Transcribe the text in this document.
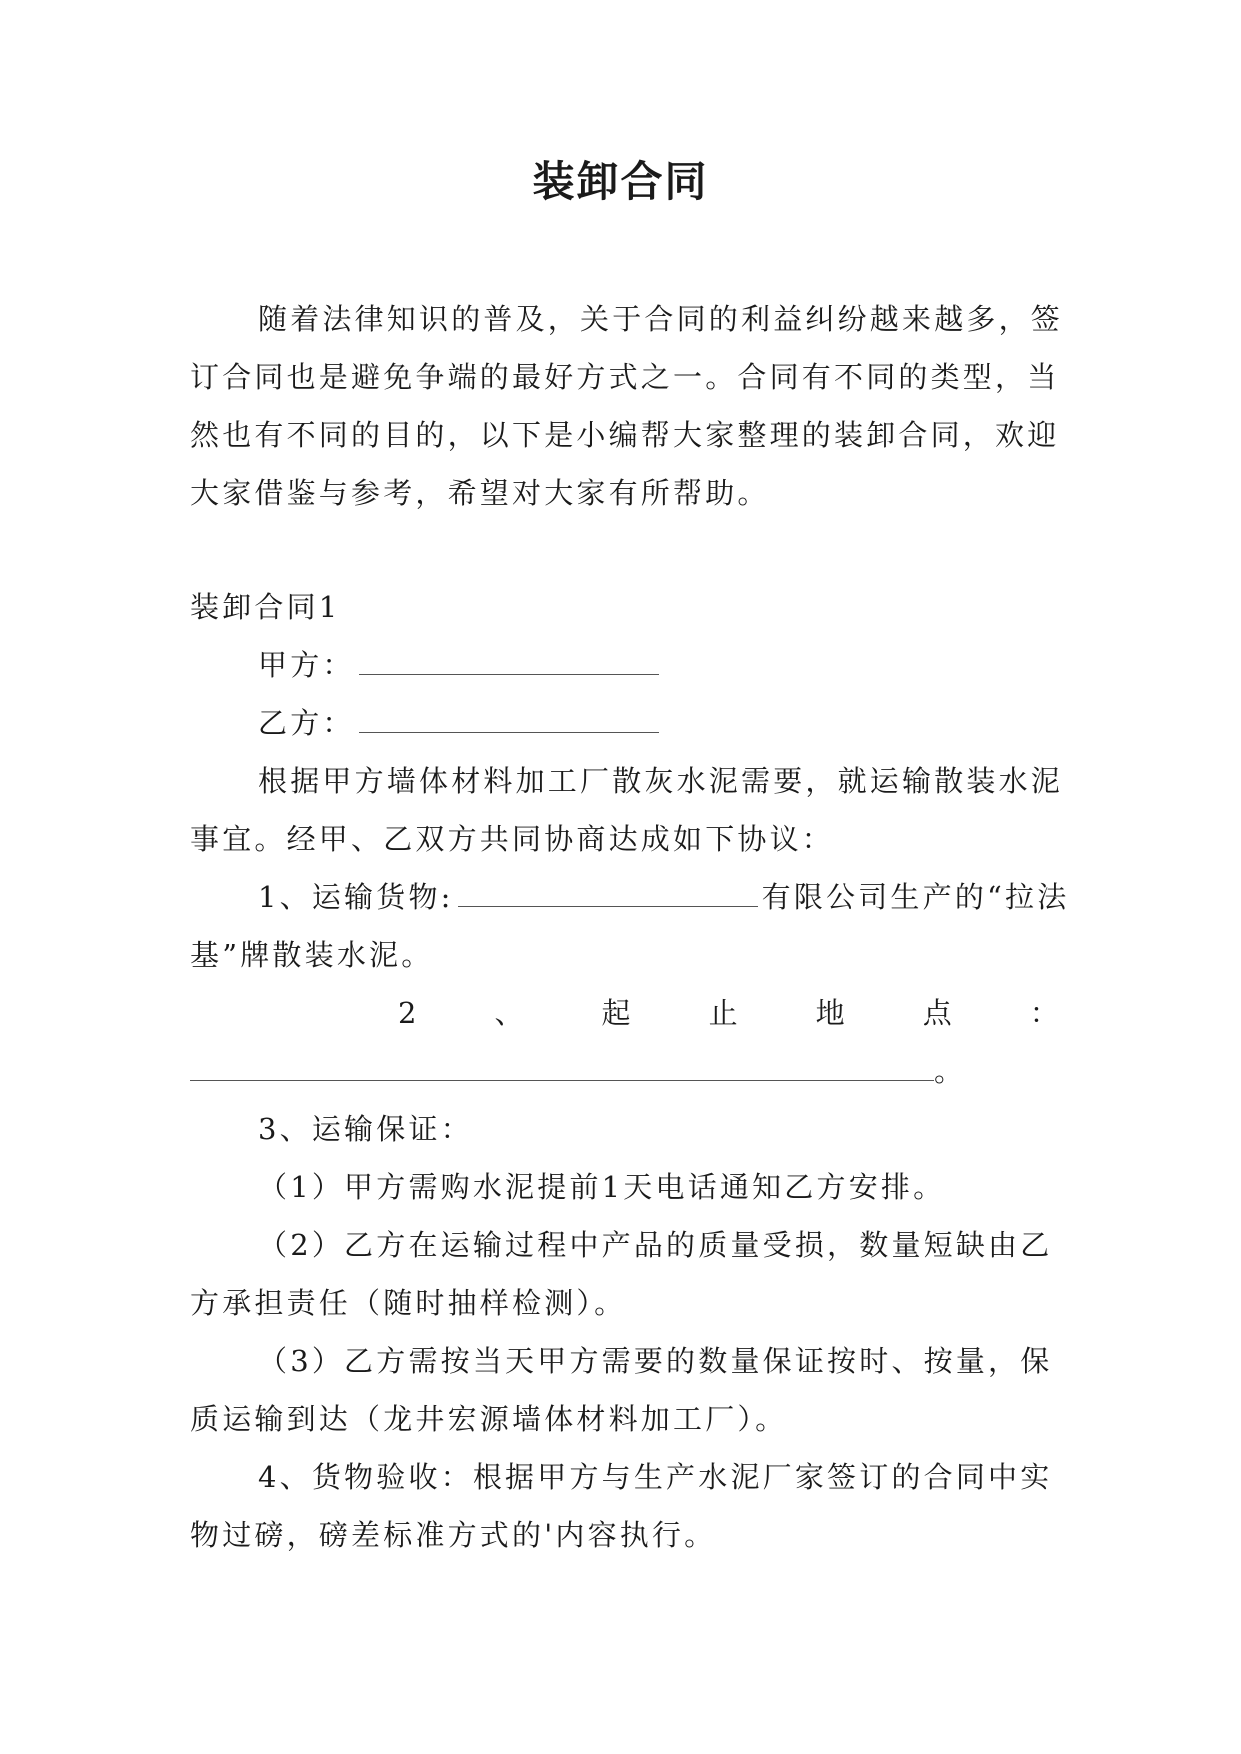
装卸合同

随着法律知识的普及，关于合同的利益纠纷越来越多，签订合同也是避免争端的最好方式之一。合同有不同的类型，当然也有不同的目的，以下是小编帮大家整理的装卸合同，欢迎大家借鉴与参考，希望对大家有所帮助。

装卸合同1

甲方：

乙方：

根据甲方墙体材料加工厂散灰水泥需要，就运输散装水泥事宜。经甲、乙双方共同协商达成如下协议：

1、运输货物:	有限公司生产的“拉法基”牌散装水泥。

2	、	起	止	地	点	：

。

3、运输保证：

（1）甲方需购水泥提前1天电话通知乙方安排。

（2）乙方在运输过程中产品的质量受损，数量短缺由乙方承担责任（随时抽样检测）。

（3）乙方需按当天甲方需要的数量保证按时、按量，保质运输到达（龙井宏源墙体材料加工厂）。

4、货物验收：根据甲方与生产水泥厂家签订的合同中实物过磅，磅差标准方式的'内容执行。
